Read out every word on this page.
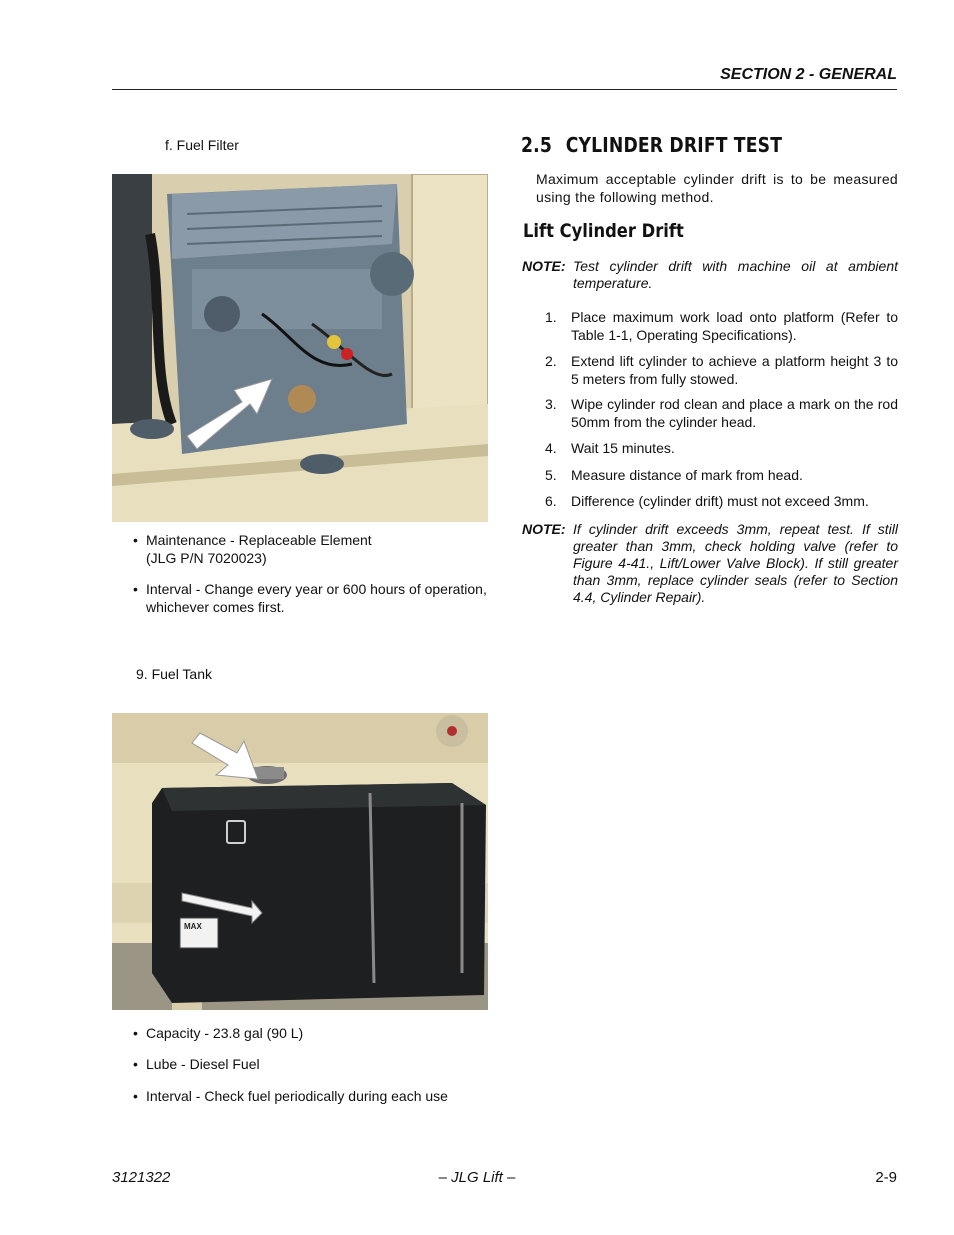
SECTION 2 - GENERAL
f. Fuel Filter
• Maintenance - Replaceable Element (JLG P/N 7020023)
• Interval - Change every year or 600 hours of operation, whichever comes first.
9. Fuel Tank
MAX
• Capacity - 23.8 gal (90 L)
• Lube - Diesel Fuel
• Interval - Check fuel periodically during each use
2.5 CYLINDER DRIFT TEST
Maximum acceptable cylinder drift is to be measured using the following method.
Lift Cylinder Drift
NOTE: Test cylinder drift with machine oil at ambient temperature.
1. Place maximum work load onto platform (Refer to Table 1-1, Operating Specifications).
2. Extend lift cylinder to achieve a platform height 3 to 5 meters from fully stowed.
3. Wipe cylinder rod clean and place a mark on the rod 50mm from the cylinder head.
4. Wait 15 minutes.
5. Measure distance of mark from head.
6. Difference (cylinder drift) must not exceed 3mm.
NOTE: If cylinder drift exceeds 3mm, repeat test. If still greater than 3mm, check holding valve (refer to Figure 4-41., Lift/Lower Valve Block). If still greater than 3mm, replace cylinder seals (refer to Section 4.4, Cylinder Repair).
3121322	– JLG Lift –	2-9
